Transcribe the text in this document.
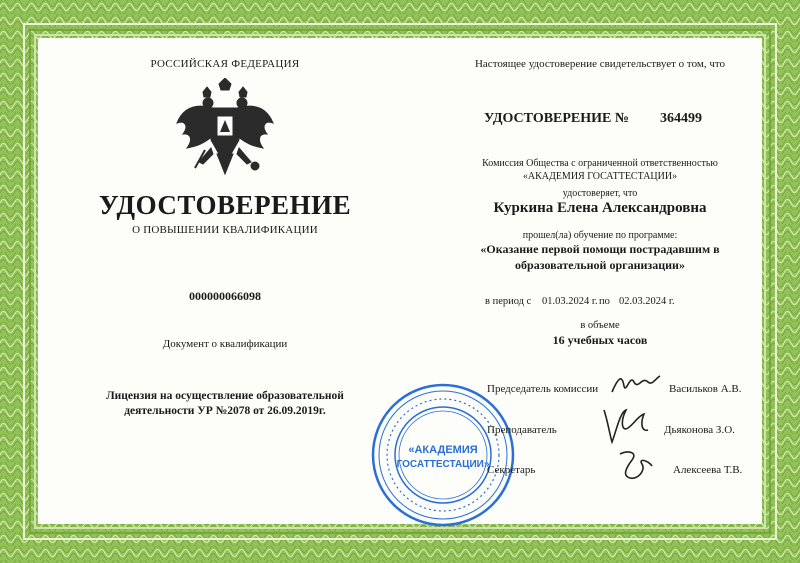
РОССИЙСКАЯ ФЕДЕРАЦИЯ
УДОСТОВЕРЕНИЕ
О ПОВЫШЕНИИ КВАЛИФИКАЦИИ
000000066098
Документ о квалификации
Лицензия на осуществление образовательной
деятельности УР №2078 от 26.09.2019г.
Настоящее удостоверение свидетельствует о том, что
УДОСТОВЕРЕНИЕ № 364499
Комиссия Общества с ограниченной ответственностью
«АКАДЕМИЯ ГОСАТТЕСТАЦИИ»
удостоверяет, что
Куркина Елена Александровна
прошел(ла) обучение по программе:
«Оказание первой помощи пострадавшим в
образовательной организации»
в период с 01.03.2024 г. по 02.03.2024 г.
в объеме
16 учебных часов
«АКАДЕМИЯ
ГОСАТТЕСТАЦИИ»
Председатель комиссии	Васильков А.В.
Преподаватель	Дьяконова З.О.
Секретарь	Алексеева Т.В.
